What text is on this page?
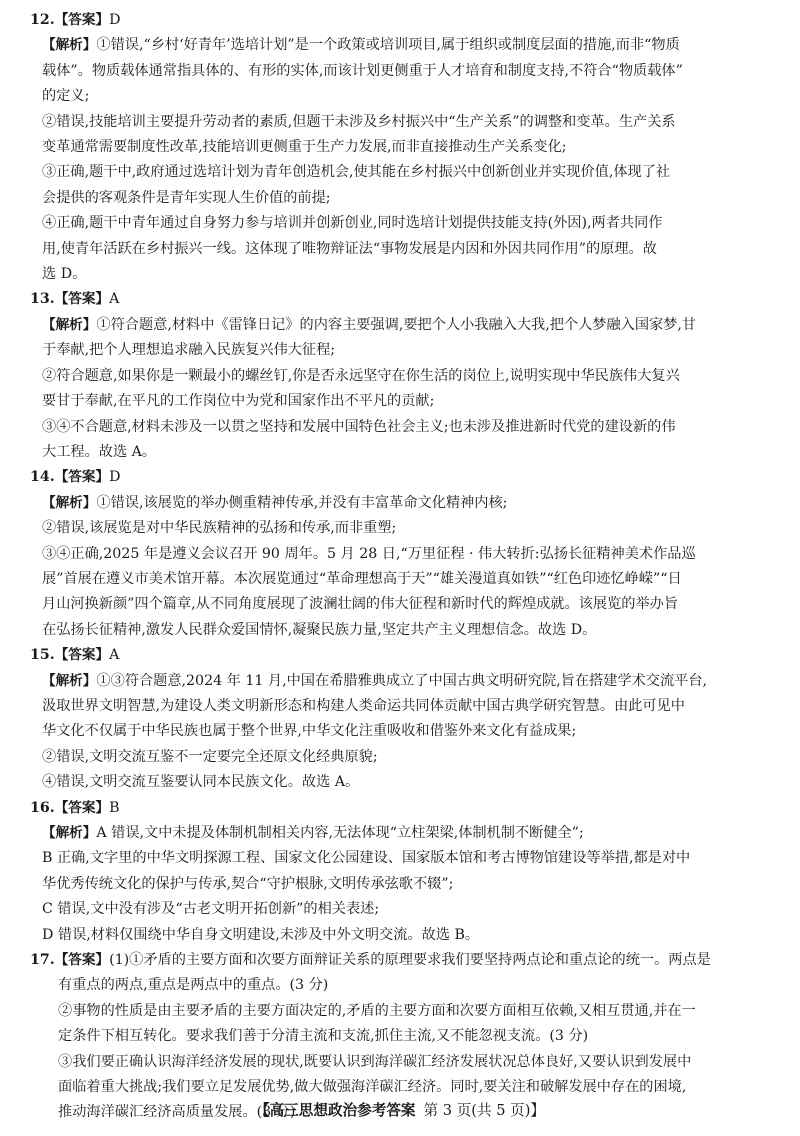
12.【答案】D
【解析】①错误,“乡村‘好青年’选培计划”是一个政策或培训项目,属于组织或制度层面的措施,而非“物质
载体”。物质载体通常指具体的、有形的实体,而该计划更侧重于人才培育和制度支持,不符合“物质载体”
的定义;
②错误,技能培训主要提升劳动者的素质,但题干未涉及乡村振兴中“生产关系”的调整和变革。生产关系
变革通常需要制度性改革,技能培训更侧重于生产力发展,而非直接推动生产关系变化;
③正确,题干中,政府通过选培计划为青年创造机会,使其能在乡村振兴中创新创业并实现价值,体现了社
会提供的客观条件是青年实现人生价值的前提;
④正确,题干中青年通过自身努力参与培训并创新创业,同时选培计划提供技能支持(外因),两者共同作
用,使青年活跃在乡村振兴一线。这体现了唯物辩证法“事物发展是内因和外因共同作用”的原理。故
选 D。
13.【答案】A
【解析】①符合题意,材料中《雷锋日记》的内容主要强调,要把个人小我融入大我,把个人梦融入国家梦,甘
于奉献,把个人理想追求融入民族复兴伟大征程;
②符合题意,如果你是一颗最小的螺丝钉,你是否永远坚守在你生活的岗位上,说明实现中华民族伟大复兴
要甘于奉献,在平凡的工作岗位中为党和国家作出不平凡的贡献;
③④不合题意,材料未涉及一以贯之坚持和发展中国特色社会主义;也未涉及推进新时代党的建设新的伟
大工程。故选 A。
14.【答案】D
【解析】①错误,该展览的举办侧重精神传承,并没有丰富革命文化精神内核;
②错误,该展览是对中华民族精神的弘扬和传承,而非重塑;
③④正确,2025 年是遵义会议召开 90 周年。5 月 28 日,“万里征程 · 伟大转折:弘扬长征精神美术作品巡
展”首展在遵义市美术馆开幕。本次展览通过“革命理想高于天”“雄关漫道真如铁”“红色印迹忆峥嵘”“日
月山河换新颜”四个篇章,从不同角度展现了波澜壮阔的伟大征程和新时代的辉煌成就。该展览的举办旨
在弘扬长征精神,激发人民群众爱国情怀,凝聚民族力量,坚定共产主义理想信念。故选 D。
15.【答案】A
【解析】①③符合题意,2024 年 11 月,中国在希腊雅典成立了中国古典文明研究院,旨在搭建学术交流平台,
汲取世界文明智慧,为建设人类文明新形态和构建人类命运共同体贡献中国古典学研究智慧。由此可见中
华文化不仅属于中华民族也属于整个世界,中华文化注重吸收和借鉴外来文化有益成果;
②错误,文明交流互鉴不一定要完全还原文化经典原貌;
④错误,文明交流互鉴要认同本民族文化。故选 A。
16.【答案】B
【解析】A 错误,文中未提及体制机制相关内容,无法体现“立柱架梁,体制机制不断健全”;
B 正确,文字里的中华文明探源工程、国家文化公园建设、国家版本馆和考古博物馆建设等举措,都是对中
华优秀传统文化的保护与传承,契合“守护根脉,文明传承弦歌不辍”;
C 错误,文中没有涉及“古老文明开拓创新”的相关表述;
D 错误,材料仅围绕中华自身文明建设,未涉及中外文明交流。故选 B。
17.【答案】(1)①矛盾的主要方面和次要方面辩证关系的原理要求我们要坚持两点论和重点论的统一。两点是
有重点的两点,重点是两点中的重点。(3 分)
②事物的性质是由主要矛盾的主要方面决定的,矛盾的主要方面和次要方面相互依赖,又相互贯通,并在一
定条件下相互转化。要求我们善于分清主流和支流,抓住主流,又不能忽视支流。(3 分)
③我们要正确认识海洋经济发展的现状,既要认识到海洋碳汇经济发展状况总体良好,又要认识到发展中
面临着重大挑战;我们要立足发展优势,做大做强海洋碳汇经济。同时,要关注和破解发展中存在的困境,
推动海洋碳汇经济高质量发展。(3 分)
【高三思想政治参考答案 第 3 页(共 5 页)】
